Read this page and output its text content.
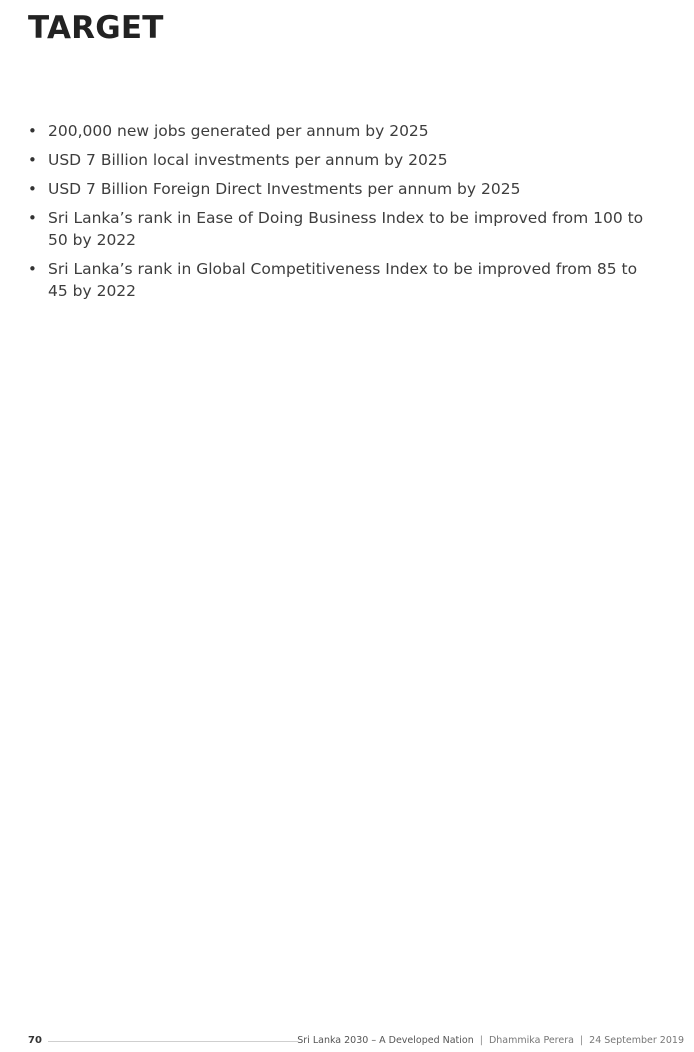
TARGET
• 200,000 new jobs generated per annum by 2025
• USD 7 Billion local investments per annum by 2025
• USD 7 Billion Foreign Direct Investments per annum by 2025
• Sri Lanka’s rank in Ease of Doing Business Index to be improved from 100 to 50 by 2022
• Sri Lanka’s rank in Global Competitiveness Index to be improved from 85 to 45 by 2022
70	Sri Lanka 2030 – A Developed Nation | Dhammika Perera | 24 September 2019
